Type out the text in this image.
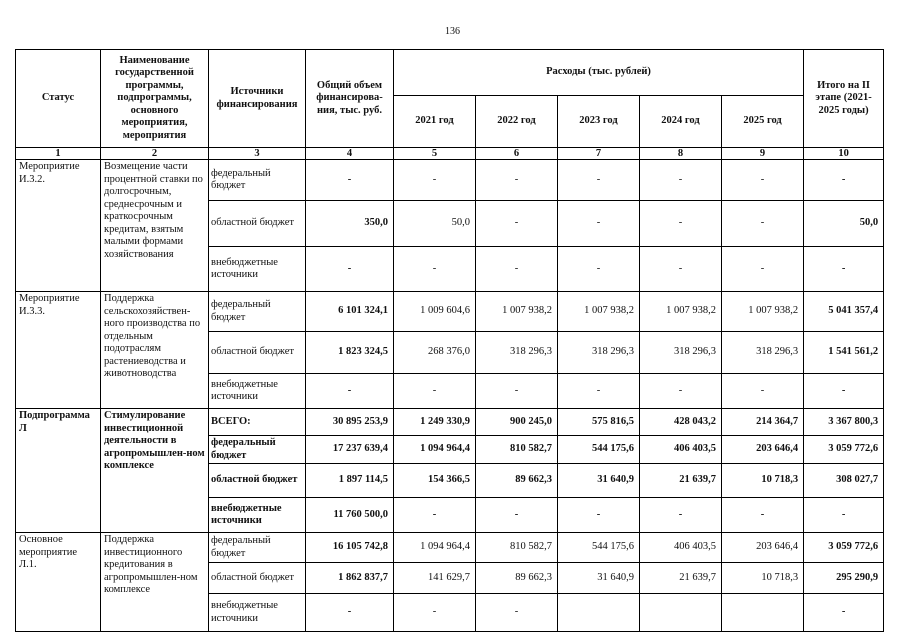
136
Статус	Наименование государственной программы, подпрограммы, основного мероприятия, мероприятия	Источники финансирования	Общий объем финансирова-ния, тыс. руб.	Расходы (тыс. рублей)					Итого на II этапе (2021-2025 годы)
				2021 год	2022 год	2023 год	2024 год	2025 год	
1	2	3	4	5	6	7	8	9	10
Мероприятие И.3.2.	Возмещение части процентной ставки по долгосрочным, среднесрочным и краткосрочным кредитам, взятым малыми формами хозяйствования	федеральный бюджет	-	-	-	-	-	-	-
		областной бюджет	350,0	50,0	-	-	-	-	50,0
		внебюджетные источники	-	-	-	-	-	-	-
Мероприятие И.3.3.	Поддержка сельскохозяйствен-ного производства по отдельным подотраслям растениеводства и животноводства	федеральный бюджет	6 101 324,1	1 009 604,6	1 007 938,2	1 007 938,2	1 007 938,2	1 007 938,2	5 041 357,4
		областной бюджет	1 823 324,5	268 376,0	318 296,3	318 296,3	318 296,3	318 296,3	1 541 561,2
		внебюджетные источники	-	-	-	-	-	-	-
Подпрограмма Л	Стимулирование инвестиционной деятельности в агропромышлен-ном комплексе	ВСЕГО:	30 895 253,9	1 249 330,9	900 245,0	575 816,5	428 043,2	214 364,7	3 367 800,3
		федеральный бюджет	17 237 639,4	1 094 964,4	810 582,7	544 175,6	406 403,5	203 646,4	3 059 772,6
		областной бюджет	1 897 114,5	154 366,5	89 662,3	31 640,9	21 639,7	10 718,3	308 027,7
		внебюджетные источники	11 760 500,0	-	-	-	-	-	-
Основное мероприятие Л.1.	Поддержка инвестиционного кредитования в агропромышлен-ном комплексе	федеральный бюджет	16 105 742,8	1 094 964,4	810 582,7	544 175,6	406 403,5	203 646,4	3 059 772,6
		областной бюджет	1 862 837,7	141 629,7	89 662,3	31 640,9	21 639,7	10 718,3	295 290,9
		внебюджетные источники	-	-	-				-
